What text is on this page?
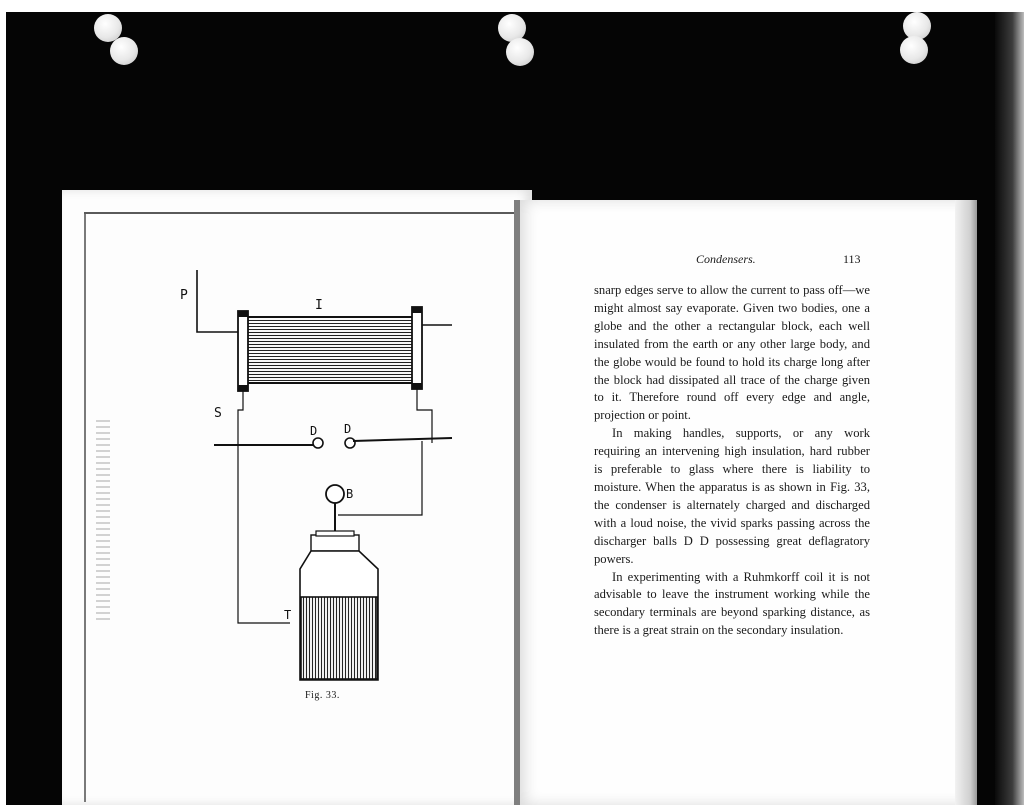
P
I
S
D D
B
T
Fig. 33.
Condensers.	113

snarp edges serve to allow the current to pass off—we might almost say evaporate. Given two bodies, one a globe and the other a rectangular block, each well insulated from the earth or any other large body, and the globe would be found to hold its charge long after the block had dissipated all trace of the charge given to it. Therefore round off every edge and angle, projection or point.

In making handles, supports, or any work requiring an intervening high insulation, hard rubber is preferable to glass where there is liability to moisture. When the apparatus is as shown in Fig. 33, the condenser is alternately charged and discharged with a loud noise, the vivid sparks passing across the discharger balls D D possessing great deflagratory powers.

In experimenting with a Ruhmkorff coil it is not advisable to leave the instrument working while the secondary terminals are beyond sparking distance, as there is a great strain on the secondary insulation.
